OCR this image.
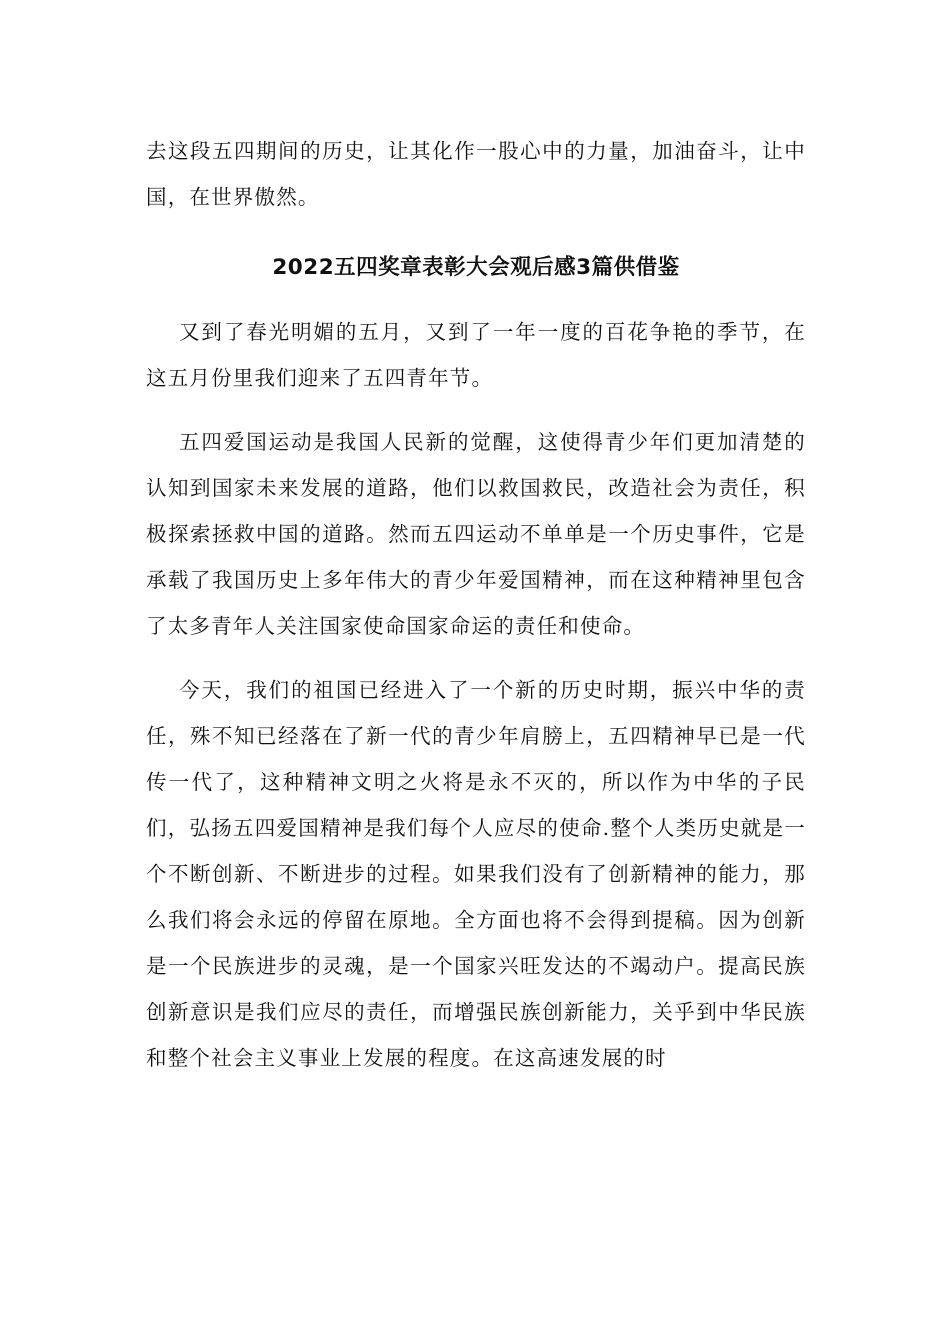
去这段五四期间的历史，让其化作一股心中的力量，加油奋斗，让中国，在世界傲然。

2022五四奖章表彰大会观后感3篇供借鉴

又到了春光明媚的五月，又到了一年一度的百花争艳的季节，在这五月份里我们迎来了五四青年节。

五四爱国运动是我国人民新的觉醒，这使得青少年们更加清楚的认知到国家未来发展的道路，他们以救国救民，改造社会为责任，积极探索拯救中国的道路。然而五四运动不单单是一个历史事件，它是承载了我国历史上多年伟大的青少年爱国精神，而在这种精神里包含了太多青年人关注国家使命国家命运的责任和使命。

今天，我们的祖国已经进入了一个新的历史时期，振兴中华的责任，殊不知已经落在了新一代的青少年肩膀上，五四精神早已是一代传一代了，这种精神文明之火将是永不灭的，所以作为中华的子民们，弘扬五四爱国精神是我们每个人应尽的使命.整个人类历史就是一个不断创新、不断进步的过程。如果我们没有了创新精神的能力，那么我们将会永远的停留在原地。全方面也将不会得到提稿。因为创新是一个民族进步的灵魂，是一个国家兴旺发达的不竭动户。提高民族创新意识是我们应尽的责任，而增强民族创新能力，关乎到中华民族和整个社会主义事业上发展的程度。在这高速发展的时
